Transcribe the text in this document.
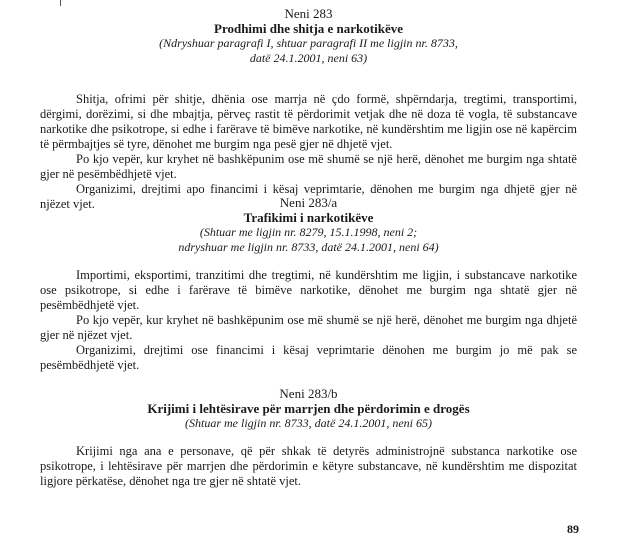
Neni 283

Prodhimi dhe shitja e narkotikëve

(Ndryshuar paragrafi I, shtuar paragrafi II me ligjin nr. 8733,

datë 24.1.2001, neni 63)

Shitja, ofrimi për shitje, dhënia ose marrja në çdo formë, shpërndarja, tregtimi, transportimi, dërgimi, dorëzimi, si dhe mbajtja, përveç rastit të përdorimit vetjak dhe në doza të vogla, të substancave narkotike dhe psikotrope, si edhe i farërave të bimëve narkotike, në kundërshtim me ligjin ose në kapërcim të përmbajtjes së tyre, dënohet me burgim nga pesë gjer në dhjetë vjet.

Po kjo vepër, kur kryhet në bashkëpunim ose më shumë se një herë, dënohet me burgim nga shtatë gjer në pesëmbëdhjetë vjet.

Organizimi, drejtimi apo financimi i kësaj veprimtarie, dënohen me burgim nga dhjetë gjer në njëzet vjet.	Neni 283/a

Trafikimi i narkotikëve

(Shtuar me ligjin nr. 8279, 15.1.1998, neni 2;

ndryshuar me ligjin nr. 8733, datë 24.1.2001, neni 64)

Importimi, eksportimi, tranzitimi dhe tregtimi, në kundërshtim me ligjin, i substancave narkotike ose psikotrope, si edhe i farërave të bimëve narkotike, dënohet me burgim nga shtatë gjer në pesëmbëdhjetë vjet.

Po kjo vepër, kur kryhet në bashkëpunim ose më shumë se një herë, dënohet me burgim nga dhjetë gjer në njëzet vjet.

Organizimi, drejtimi ose financimi i kësaj veprimtarie dënohen me burgim jo më pak se pesëmbëdhjetë vjet.

Neni 283/b

Krijimi i lehtësirave për marrjen dhe përdorimin e drogës

(Shtuar me ligjin nr. 8733, datë 24.1.2001, neni 65)

Krijimi nga ana e personave, që për shkak të detyrës administrojnë substanca narkotike ose psikotrope, i lehtësirave për marrjen dhe përdorimin e këtyre substancave, në kundërshtim me dispozitat ligjore përkatëse, dënohet nga tre gjer në shtatë vjet.

89
